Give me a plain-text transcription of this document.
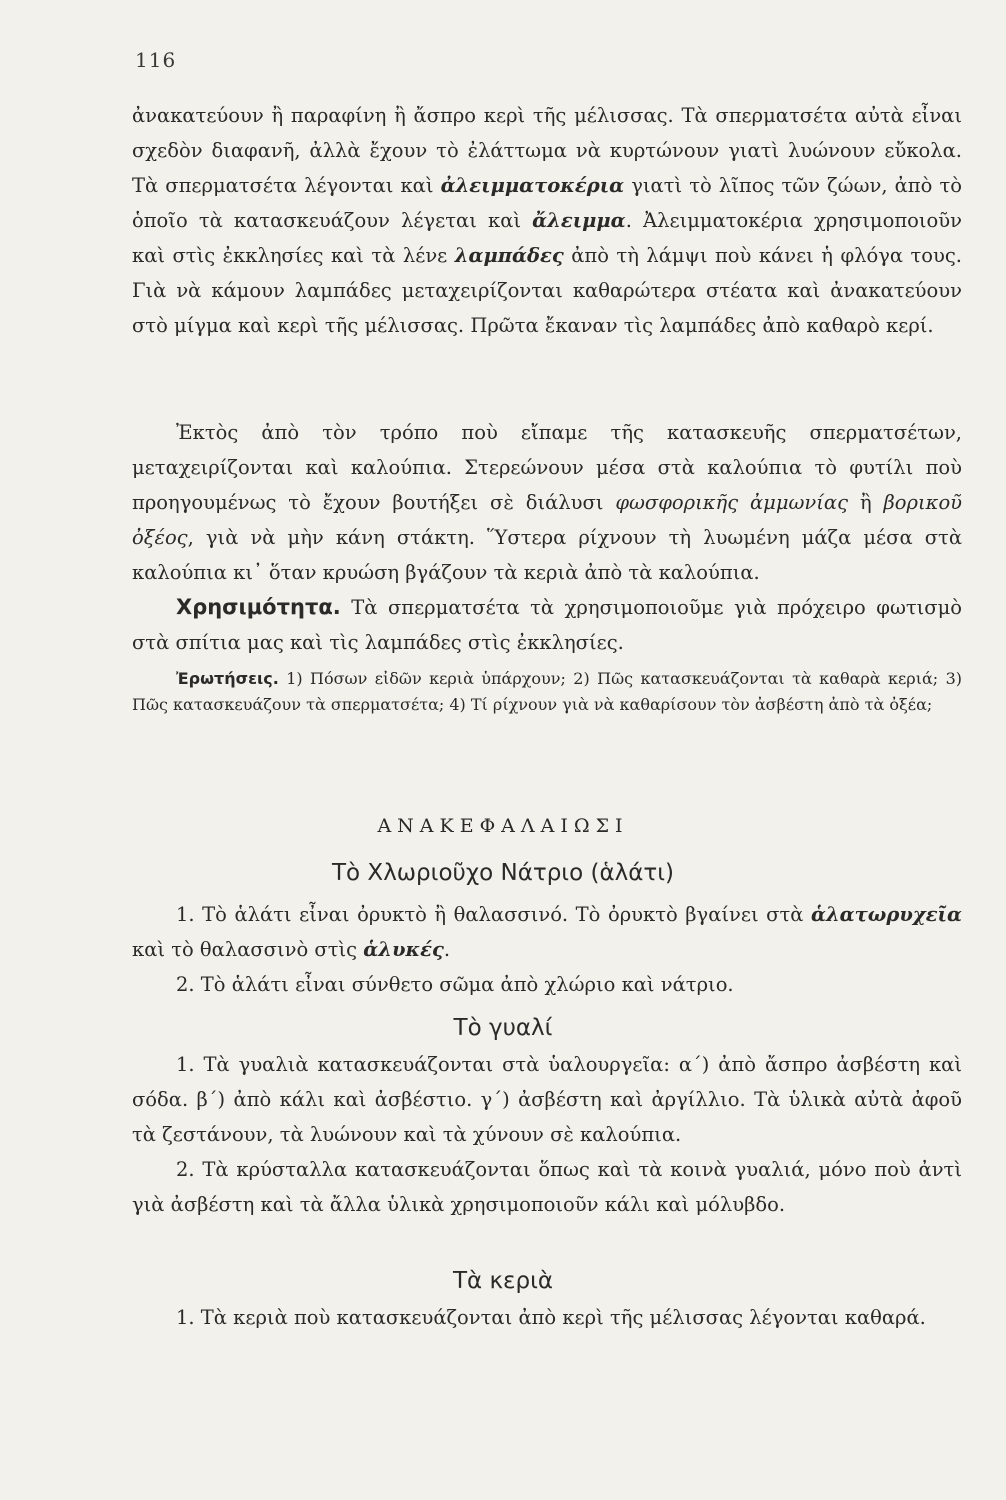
116

ἀνακατεύουν ἢ παραφίνη ἢ ἄσπρο κερὶ τῆς μέλισσας. Τὰ σπερματσέτα αὐτὰ εἶναι σχεδὸν διαφανῆ, ἀλλὰ ἔχουν τὸ ἐλάττωμα νὰ κυρτώνουν γιατὶ λυώνουν εὔκολα. Τὰ σπερματσέτα λέγονται καὶ ἀλειμματοκέρια γιατὶ τὸ λῖπος τῶν ζώων, ἀπὸ τὸ ὁποῖο τὰ κατασκευάζουν λέγεται καὶ ἄλειμμα. Ἀλειμματοκέρια χρησιμοποιοῦν καὶ στὶς ἐκκλησίες καὶ τὰ λένε λαμπάδες ἀπὸ τὴ λάμψι ποὺ κάνει ἡ φλόγα τους. Γιὰ νὰ κάμουν λαμπάδες μεταχειρίζονται καθαρώτερα στέατα καὶ ἀνακατεύουν στὸ μίγμα καὶ κερὶ τῆς μέλισσας. Πρῶτα ἔκαναν τὶς λαμπάδες ἀπὸ καθαρὸ κερί.

Ἐκτὸς ἀπὸ τὸν τρόπο ποὺ εἴπαμε τῆς κατασκευῆς σπερματσέτων, μεταχειρίζονται καὶ καλούπια. Στερεώνουν μέσα στὰ καλούπια τὸ φυτίλι ποὺ προηγουμένως τὸ ἔχουν βουτήξει σὲ διάλυσι φωσφορικῆς ἀμμωνίας ἢ βορικοῦ ὀξέος, γιὰ νὰ μὴν κάνη στάκτη. Ὕστερα ρίχνουν τὴ λυωμένη μάζα μέσα στὰ καλούπια κι᾿ ὅταν κρυώση βγάζουν τὰ κεριὰ ἀπὸ τὰ καλούπια.

Χρησιμότητα. Τὰ σπερματσέτα τὰ χρησιμοποιοῦμε γιὰ πρόχειρο φωτισμὸ στὰ σπίτια μας καὶ τὶς λαμπάδες στὶς ἐκκλησίες.

Ἐρωτήσεις. 1) Πόσων εἰδῶν κεριὰ ὑπάρχουν; 2) Πῶς κατασκευάζονται τὰ καθαρὰ κεριά; 3) Πῶς κατασκευάζουν τὰ σπερματσέτα; 4) Τί ρίχνουν γιὰ νὰ καθαρίσουν τὸν ἀσβέστη ἀπὸ τὰ ὀξέα;

ΑΝΑΚΕΦΑΛΑΙΩΣΙ
Τὸ Χλωριοῦχο Νάτριο (ἁλάτι)

1. Τὸ ἁλάτι εἶναι ὀρυκτὸ ἢ θαλασσινό. Τὸ ὀρυκτὸ βγαίνει στὰ ἁλατωρυχεῖα καὶ τὸ θαλασσινὸ στὶς ἁλυκές.

2. Τὸ ἁλάτι εἶναι σύνθετο σῶμα ἀπὸ χλώριο καὶ νάτριο.

Τὸ γυαλί

1. Τὰ γυαλιὰ κατασκευάζονται στὰ ὑαλουργεῖα: α΄) ἀπὸ ἄσπρο ἀσβέστη καὶ σόδα. β΄) ἀπὸ κάλι καὶ ἀσβέστιο. γ΄) ἀσβέστη καὶ ἀργίλλιο. Τὰ ὑλικὰ αὐτὰ ἀφοῦ τὰ ζεστάνουν, τὰ λυώνουν καὶ τὰ χύνουν σὲ καλούπια.

2. Τὰ κρύσταλλα κατασκευάζονται ὅπως καὶ τὰ κοινὰ γυαλιά, μόνο ποὺ ἀντὶ γιὰ ἀσβέστη καὶ τὰ ἄλλα ὑλικὰ χρησιμοποιοῦν κάλι καὶ μόλυβδο.

Τὰ κεριὰ

1. Τὰ κεριὰ ποὺ κατασκευάζονται ἀπὸ κερὶ τῆς μέλισσας λέγονται καθαρά.
